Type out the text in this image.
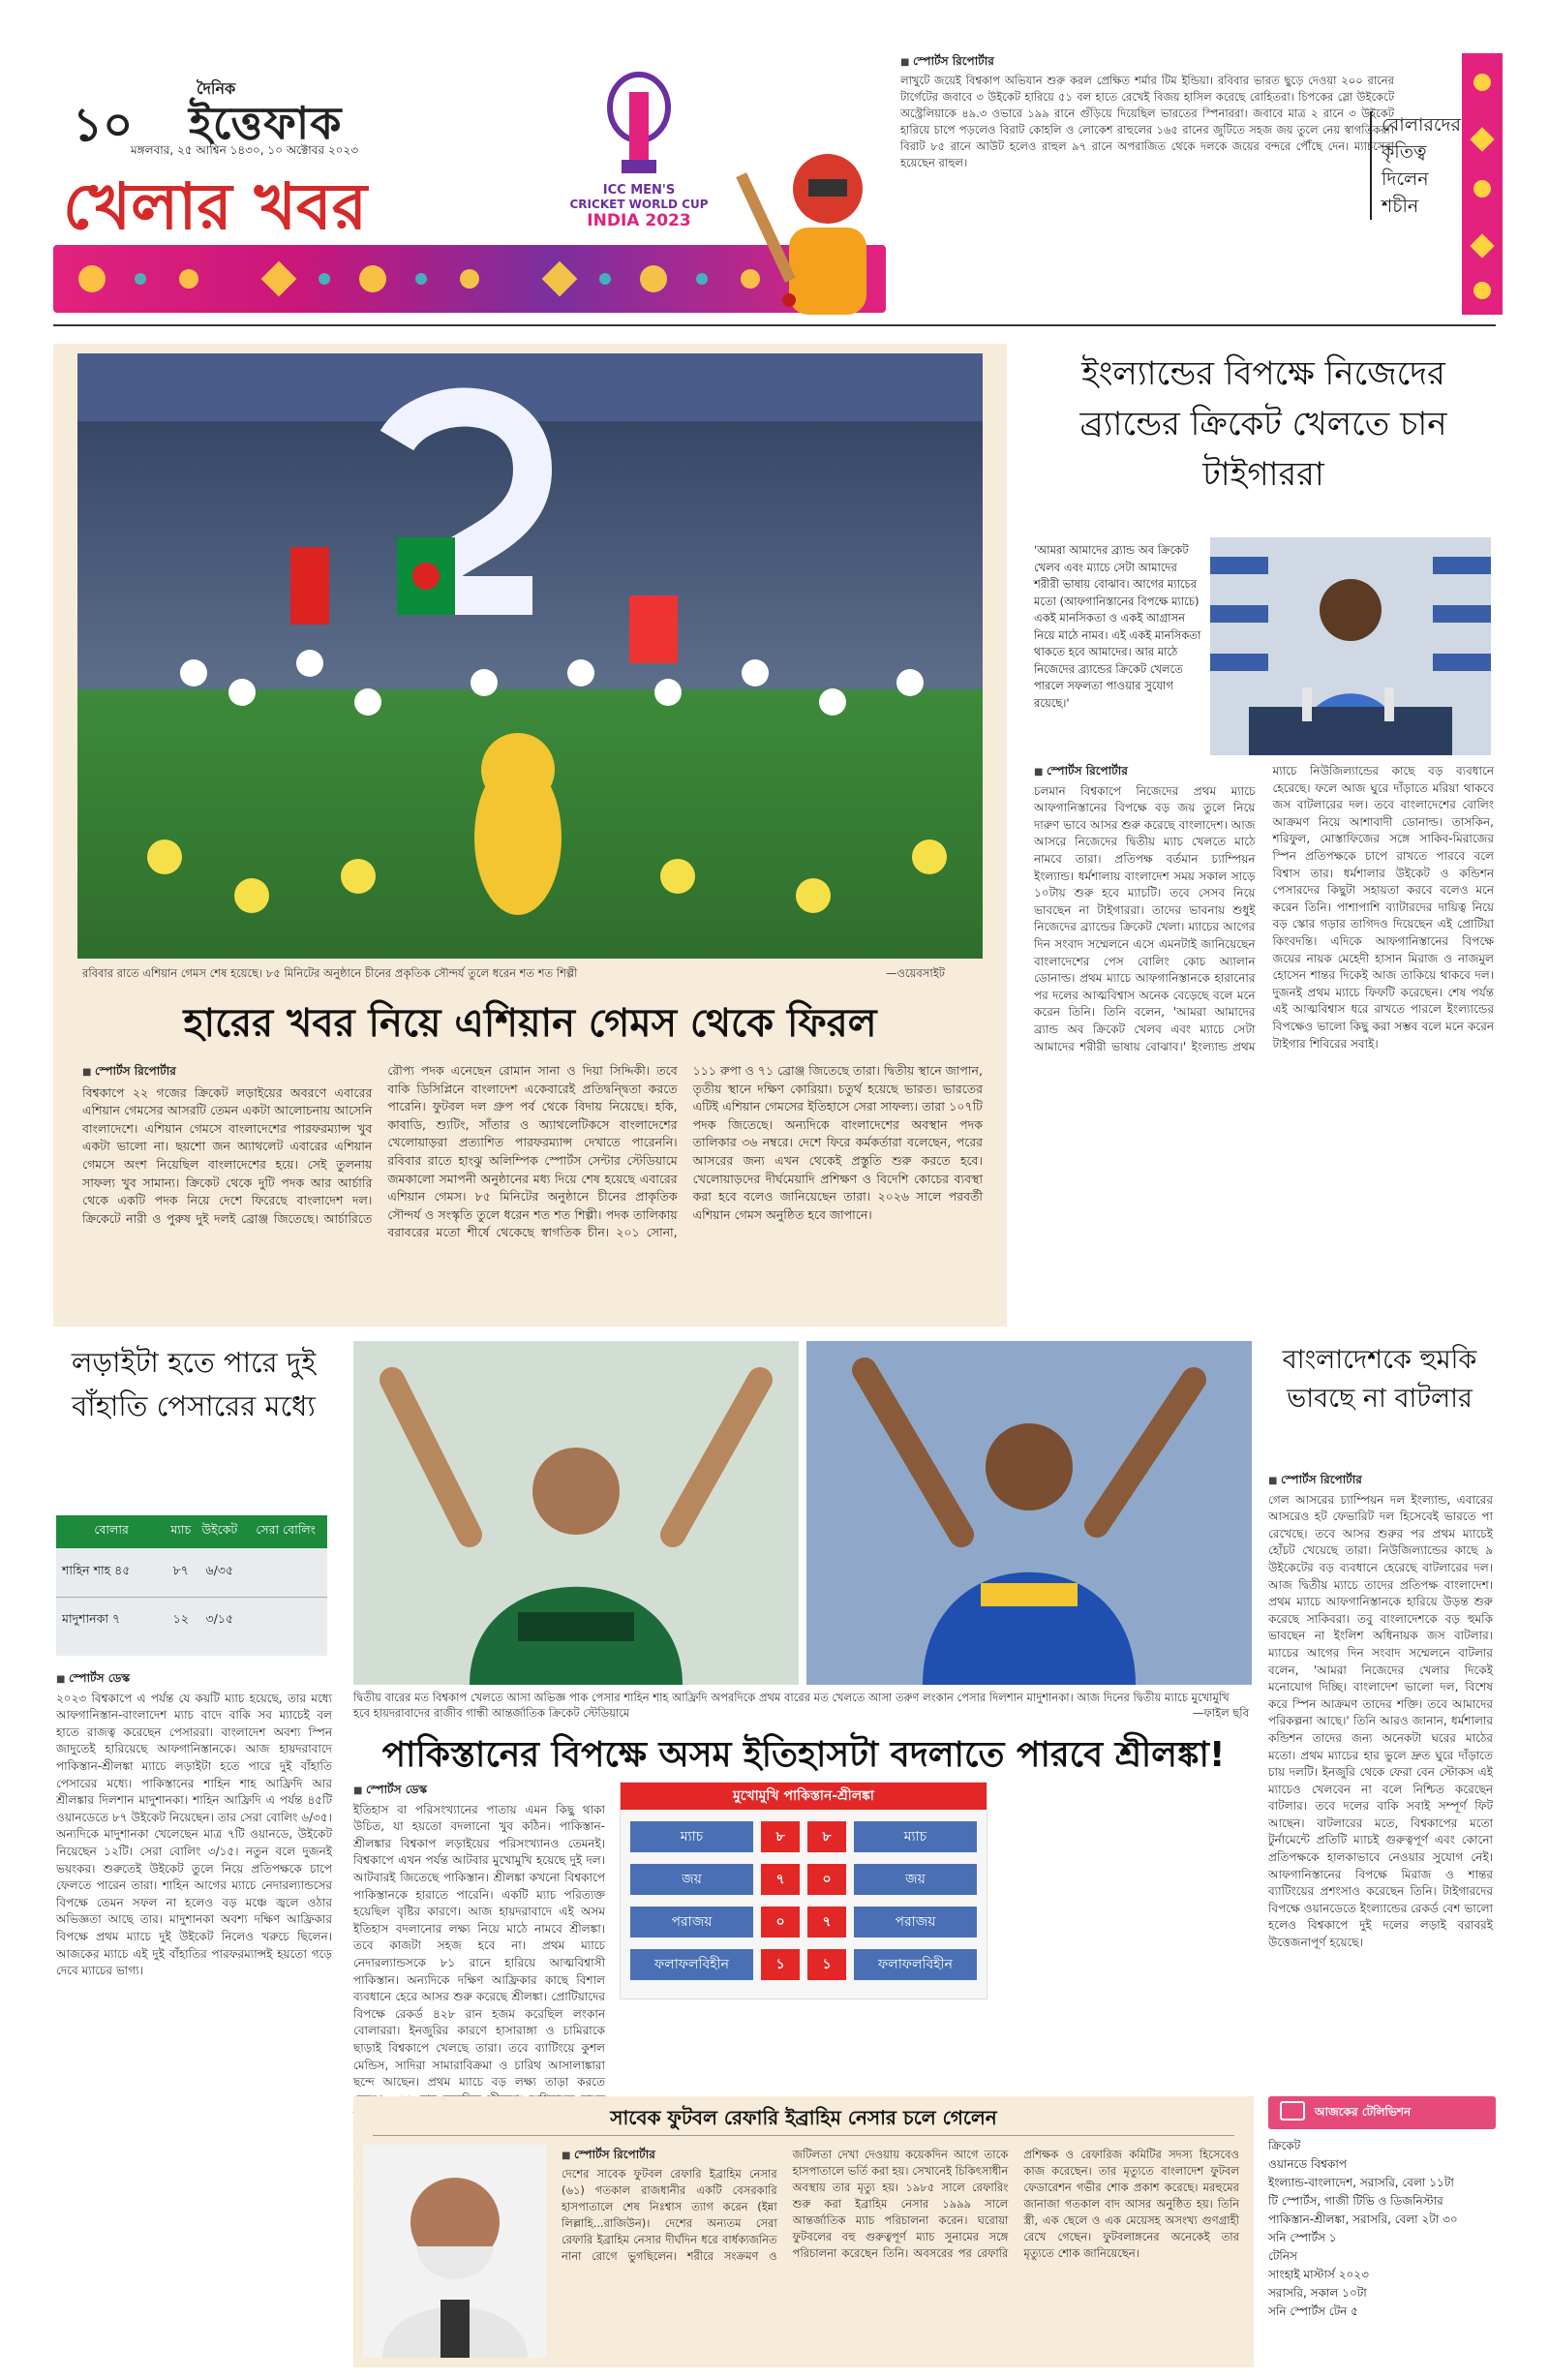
১০
দৈনিক
ইত্তেফাক
মঙ্গলবার, ২৫ আশ্বিন ১৪৩০, ১০ অক্টোবর ২০২৩
খেলার খবর	ICC MEN'S
CRICKET WORLD CUP
INDIA 2023
■ স্পোর্টস রিপোর্টার
লাখুটে জয়েই বিশ্বকাপ অভিযান শুরু করল প্রেক্ষিত শর্মার টিম ইন্ডিয়া। রবিবার ভারত ছুড়ে দেওয়া ২০০ রানের টার্গেটের জবাবে ৩ উইকেট হারিয়ে ৫১ বল হাতে রেখেই বিজয় হাসিল করেছে রোহিতরা। চিপকের স্লো উইকেটে অস্ট্রেলিয়াকে ৪৯.৩ ওভারে ১৯৯ রানে গুঁড়িয়ে দিয়েছিল ভারতের স্পিনাররা। জবাবে মাত্র ২ রানে ৩ উইকেট হারিয়ে চাপে পড়লেও বিরাট কোহলি ও লোকেশ রাহুলের ১৬৫ রানের জুটিতে সহজ জয় তুলে নেয় স্বাগতিকরা। বিরাট ৮৫ রানে আউট হলেও রাহুল ৯৭ রানে অপরাজিত থেকে দলকে জয়ের বন্দরে পৌঁছে দেন। ম্যাচসেরা হয়েছেন রাহুল।
বোলারদের কৃতিত্ব দিলেন শচীন
রবিবার রাতে এশিয়ান গেমস শেষ হয়েছে। ৮৫ মিনিটের অনুষ্ঠানে চীনের প্রকৃতিক সৌন্দর্য তুলে ধরেন শত শত শিল্পী	—ওয়েবসাইট
হারের খবর নিয়ে এশিয়ান গেমস থেকে ফিরল
■ স্পোর্টস রিপোর্টার
বিশ্বকাপে ২২ গজের ক্রিকেট লড়াইয়ের অবরণে এবারের এশিয়ান গেমসের আসরটি তেমন একটা আলোচনায় আসেনি বাংলাদেশে। এশিয়ান গেমসে বাংলাদেশের পারফরম্যান্স খুব একটা ভালো না। ছয়শো জন অ্যাথলেট এবারের এশিয়ান গেমসে অংশ নিয়েছিল বাংলাদেশের হয়ে। সেই তুলনায় সাফল্য খুব সামান্য। ক্রিকেট থেকে দুটি পদক আর আর্চারি থেকে একটি পদক নিয়ে দেশে ফিরেছে বাংলাদেশ দল। ক্রিকেটে নারী ও পুরুষ দুই দলই ব্রোঞ্জ জিতেছে। আর্চারিতে রৌপ্য পদক এনেছেন রোমান সানা ও দিয়া সিদ্দিকী। তবে বাকি ডিসিপ্লিনে বাংলাদেশ একেবারেই প্রতিদ্বন্দ্বিতা করতে পারেনি। ফুটবল দল গ্রুপ পর্ব থেকে বিদায় নিয়েছে। হকি, কাবাডি, শ্যুটিং, সাঁতার ও অ্যাথলেটিকসে বাংলাদেশের খেলোয়াড়রা প্রত্যাশিত পারফরম্যান্স দেখাতে পারেননি। রবিবার রাতে হাংঝু অলিম্পিক স্পোর্টস সেন্টার স্টেডিয়ামে জমকালো সমাপনী অনুষ্ঠানের মধ্য দিয়ে শেষ হয়েছে এবারের এশিয়ান গেমস। ৮৫ মিনিটের অনুষ্ঠানে চীনের প্রাকৃতিক সৌন্দর্য ও সংস্কৃতি তুলে ধরেন শত শত শিল্পী। পদক তালিকায় বরাবরের মতো শীর্ষে থেকেছে স্বাগতিক চীন। ২০১ সোনা, ১১১ রুপা ও ৭১ ব্রোঞ্জ জিতেছে তারা। দ্বিতীয় স্থানে জাপান, তৃতীয় স্থানে দক্ষিণ কোরিয়া। চতুর্থ হয়েছে ভারত। ভারতের এটিই এশিয়ান গেমসের ইতিহাসে সেরা সাফল্য। তারা ১০৭টি পদক জিতেছে। অন্যদিকে বাংলাদেশের অবস্থান পদক তালিকার ৩৬ নম্বরে। দেশে ফিরে কর্মকর্তারা বলেছেন, পরের আসরের জন্য এখন থেকেই প্রস্তুতি শুরু করতে হবে। খেলোয়াড়দের দীর্ঘমেয়াদি প্রশিক্ষণ ও বিদেশি কোচের ব্যবস্থা করা হবে বলেও জানিয়েছেন তারা। ২০২৬ সালে পরবর্তী এশিয়ান গেমস অনুষ্ঠিত হবে জাপানে।
ইংল্যান্ডের বিপক্ষে নিজেদের ব্র্যান্ডের ক্রিকেট খেলতে চান টাইগাররা
'আমরা আমাদের ব্র্যান্ড অব ক্রিকেট খেলব এবং ম্যাচে সেটা আমাদের শরীরী ভাষায় বোঝাব। আগের ম্যাচের মতো (আফগানিস্তানের বিপক্ষে ম্যাচে) একই মানসিকতা ও একই আগ্রাসন নিয়ে মাঠে নামব। এই একই মানসিকতা থাকতে হবে আমাদের। আর মাঠে নিজেদের ব্র্যান্ডের ক্রিকেট খেলতে পারলে সফলতা পাওয়ার সুযোগ রয়েছে।'
■ স্পোর্টস রিপোর্টার
চলমান বিশ্বকাপে নিজেদের প্রথম ম্যাচে আফগানিস্তানের বিপক্ষে বড় জয় তুলে নিয়ে দারুণ ভাবে আসর শুরু করেছে বাংলাদেশ। আজ আসরে নিজেদের দ্বিতীয় ম্যাচ খেলতে মাঠে নামবে তারা। প্রতিপক্ষ বর্তমান চ্যাম্পিয়ন ইংল্যান্ড। ধর্মশালায় বাংলাদেশ সময় সকাল সাড়ে ১০টায় শুরু হবে ম্যাচটি। তবে সেসব নিয়ে ভাবছেন না টাইগাররা। তাদের ভাবনায় শুধুই নিজেদের ব্র্যান্ডের ক্রিকেট খেলা। ম্যাচের আগের দিন সংবাদ সম্মেলনে এসে এমনটাই জানিয়েছেন বাংলাদেশের পেস বোলিং কোচ অ্যালান ডোনাল্ড। প্রথম ম্যাচে আফগানিস্তানকে হারানোর পর দলের আত্মবিশ্বাস অনেক বেড়েছে বলে মনে করেন তিনি। তিনি বলেন, 'আমরা আমাদের ব্র্যান্ড অব ক্রিকেট খেলব এবং ম্যাচে সেটা আমাদের শরীরী ভাষায় বোঝাব।' ইংল্যান্ড প্রথম ম্যাচে নিউজিল্যান্ডের কাছে বড় ব্যবধানে হেরেছে। ফলে আজ ঘুরে দাঁড়াতে মরিয়া থাকবে জস বাটলারের দল। তবে বাংলাদেশের বোলিং আক্রমণ নিয়ে আশাবাদী ডোনাল্ড। তাসকিন, শরিফুল, মোস্তাফিজের সঙ্গে সাকিব-মিরাজের স্পিন প্রতিপক্ষকে চাপে রাখতে পারবে বলে বিশ্বাস তার। ধর্মশালার উইকেট ও কন্ডিশন পেসারদের কিছুটা সহায়তা করবে বলেও মনে করেন তিনি। পাশাপাশি ব্যাটারদের দায়িত্ব নিয়ে বড় স্কোর গড়ার তাগিদও দিয়েছেন এই প্রোটিয়া কিংবদন্তি। এদিকে আফগানিস্তানের বিপক্ষে জয়ের নায়ক মেহেদী হাসান মিরাজ ও নাজমুল হোসেন শান্তর দিকেই আজ তাকিয়ে থাকবে দল। দুজনই প্রথম ম্যাচে ফিফটি করেছেন। শেষ পর্যন্ত এই আত্মবিশ্বাস ধরে রাখতে পারলে ইংল্যান্ডের বিপক্ষেও ভালো কিছু করা সম্ভব বলে মনে করেন টাইগার শিবিরের সবাই।
লড়াইটা হতে পারে দুই বাঁহাতি পেসারের মধ্যে
বোলার	ম্যাচ	উইকেট	সেরা বোলিং
শাহিন শাহ ৪৫	৮৭	৬/৩৫	
মাদুশানকা ৭	১২	৩/১৫	
■ স্পোর্টস ডেস্ক
২০২৩ বিশ্বকাপে এ পর্যন্ত যে কয়টি ম্যাচ হয়েছে, তার মধ্যে আফগানিস্তান-বাংলাদেশ ম্যাচ বাদে বাকি সব ম্যাচেই বল হাতে রাজত্ব করেছেন পেসাররা। বাংলাদেশ অবশ্য স্পিন জাদুতেই হারিয়েছে আফগানিস্তানকে। আজ হায়দরাবাদে পাকিস্তান-শ্রীলঙ্কা ম্যাচে লড়াইটা হতে পারে দুই বাঁহাতি পেসারের মধ্যে। পাকিস্তানের শাহিন শাহ আফ্রিদি আর শ্রীলঙ্কার দিলশান মাদুশানকা। শাহিন আফ্রিদি এ পর্যন্ত ৪৫টি ওয়ানডেতে ৮৭ উইকেট নিয়েছেন। তার সেরা বোলিং ৬/৩৫। অন্যদিকে মাদুশানকা খেলেছেন মাত্র ৭টি ওয়ানডে, উইকেট নিয়েছেন ১২টি। সেরা বোলিং ৩/১৫। নতুন বলে দুজনই ভয়ংকর। শুরুতেই উইকেট তুলে নিয়ে প্রতিপক্ষকে চাপে ফেলতে পারেন তারা। শাহিন আগের ম্যাচে নেদারল্যান্ডসের বিপক্ষে তেমন সফল না হলেও বড় মঞ্চে জ্বলে ওঠার অভিজ্ঞতা আছে তার। মাদুশানকা অবশ্য দক্ষিণ আফ্রিকার বিপক্ষে প্রথম ম্যাচে দুই উইকেট নিলেও খরুচে ছিলেন। আজকের ম্যাচে এই দুই বাঁহাতির পারফরম্যান্সই হয়তো গড়ে দেবে ম্যাচের ভাগ্য।
দ্বিতীয় বারের মত বিশ্বকাপ খেলতে আসা অভিজ্ঞ পাক পেসার শাহিন শাহ আফ্রিদি অপরদিকে প্রথম বারের মত খেলতে আসা তরুণ লংকান পেসার দিলশান মাদুশানকা। আজ দিনের দ্বিতীয় ম্যাচে মুখোমুখি হবে হায়দরাবাদের রাজীব গান্ধী আন্তর্জাতিক ক্রিকেট স্টেডিয়ামে	—ফাইল ছবি
বাংলাদেশকে হুমকি ভাবছে না বাটলার
■ স্পোর্টস রিপোর্টার
গেল আসরের চ্যাম্পিয়ন দল ইংল্যান্ড, এবারের আসরেও হট ফেভারিট দল হিসেবেই ভারতে পা রেখেছে। তবে আসর শুরুর পর প্রথম ম্যাচেই হোঁচট খেয়েছে তারা। নিউজিল্যান্ডের কাছে ৯ উইকেটের বড় ব্যবধানে হেরেছে বাটলারের দল। আজ দ্বিতীয় ম্যাচে তাদের প্রতিপক্ষ বাংলাদেশ। প্রথম ম্যাচে আফগানিস্তানকে হারিয়ে উড়ন্ত শুরু করেছে সাকিবরা। তবু বাংলাদেশকে বড় হুমকি ভাবছেন না ইংলিশ অধিনায়ক জস বাটলার। ম্যাচের আগের দিন সংবাদ সম্মেলনে বাটলার বলেন, 'আমরা নিজেদের খেলার দিকেই মনোযোগ দিচ্ছি। বাংলাদেশ ভালো দল, বিশেষ করে স্পিন আক্রমণ তাদের শক্তি। তবে আমাদের পরিকল্পনা আছে।' তিনি আরও জানান, ধর্মশালার কন্ডিশন তাদের জন্য অনেকটা ঘরের মাঠের মতো। প্রথম ম্যাচের হার ভুলে দ্রুত ঘুরে দাঁড়াতে চায় দলটি। ইনজুরি থেকে ফেরা বেন স্টোকস এই ম্যাচেও খেলবেন না বলে নিশ্চিত করেছেন বাটলার। তবে দলের বাকি সবাই সম্পূর্ণ ফিট আছেন। বাটলারের মতে, বিশ্বকাপের মতো টুর্নামেন্টে প্রতিটি ম্যাচই গুরুত্বপূর্ণ এবং কোনো প্রতিপক্ষকে হালকাভাবে নেওয়ার সুযোগ নেই। আফগানিস্তানের বিপক্ষে মিরাজ ও শান্তর ব্যাটিংয়ের প্রশংসাও করেছেন তিনি। টাইগারদের বিপক্ষে ওয়ানডেতে ইংল্যান্ডের রেকর্ড বেশ ভালো হলেও বিশ্বকাপে দুই দলের লড়াই বরাবরই উত্তেজনাপূর্ণ হয়েছে।
পাকিস্তানের বিপক্ষে অসম ইতিহাসটা বদলাতে পারবে শ্রীলঙ্কা!
■ স্পোর্টস ডেস্ক
ইতিহাস বা পরিসংখ্যানের পাতায় এমন কিছু থাকা উচিত, যা হয়তো বদলানো খুব কঠিন। পাকিস্তান-শ্রীলঙ্কার বিশ্বকাপ লড়াইয়ের পরিসংখ্যানও তেমনই। বিশ্বকাপে এখন পর্যন্ত আটবার মুখোমুখি হয়েছে দুই দল। আটবারই জিতেছে পাকিস্তান। শ্রীলঙ্কা কখনো বিশ্বকাপে পাকিস্তানকে হারাতে পারেনি। একটি ম্যাচ পরিত্যক্ত হয়েছিল বৃষ্টির কারণে। আজ হায়দরাবাদে এই অসম ইতিহাস বদলানোর লক্ষ্য নিয়ে মাঠে নামবে শ্রীলঙ্কা। তবে কাজটা সহজ হবে না। প্রথম ম্যাচে নেদারল্যান্ডসকে ৮১ রানে হারিয়ে আত্মবিশ্বাসী পাকিস্তান। অন্যদিকে দক্ষিণ আফ্রিকার কাছে বিশাল ব্যবধানে হেরে আসর শুরু করেছে শ্রীলঙ্কা। প্রোটিয়াদের বিপক্ষে রেকর্ড ৪২৮ রান হজম করেছিল লংকান বোলাররা। ইনজুরির কারণে হাসারাঙ্গা ও চামিরাকে ছাড়াই বিশ্বকাপে খেলছে তারা। তবে ব্যাটিংয়ে কুশল মেন্ডিস, সাদিরা সামারাবিক্রমা ও চারিথ আসালাঙ্কারা ছন্দে আছেন। প্রথম ম্যাচে বড় লক্ষ্য তাড়া করতে
মুখোমুখি পাকিস্তান-শ্রীলঙ্কা
ম্যাচ	৮	৮	ম্যাচ
জয়	৭	০	জয়
পরাজয়	০	৭	পরাজয়
ফলাফলবিহীন	১	১	ফলাফলবিহীন
সাবেক ফুটবল রেফারি ইব্রাহিম নেসার চলে গেলেন
■ স্পোর্টস রিপোর্টার
দেশের সাবেক ফুটবল রেফারি ইব্রাহিম নেসার (৬১) গতকাল রাজধানীর একটি বেসরকারি হাসপাতালে শেষ নিঃশ্বাস ত্যাগ করেন (ইন্না লিল্লাহি...রাজিউন)। দেশের অন্যতম সেরা রেফারি ইব্রাহিম নেসার দীর্ঘদিন ধরে বার্ধক্যজনিত নানা রোগে ভুগছিলেন। শরীরে সংক্রমণ ও জটিলতা দেখা দেওয়ায় কয়েকদিন আগে তাকে হাসপাতালে ভর্তি করা হয়। সেখানেই চিকিৎসাধীন অবস্থায় তার মৃত্যু হয়। ১৯৮৫ সালে রেফারিং শুরু করা ইব্রাহিম নেসার ১৯৯৯ সালে আন্তর্জাতিক ম্যাচ পরিচালনা করেন। ঘরোয়া ফুটবলের বহু গুরুত্বপূর্ণ ম্যাচ সুনামের সঙ্গে পরিচালনা করেছেন তিনি। অবসরের পর রেফারি প্রশিক্ষক ও রেফারিজ কমিটির সদস্য হিসেবেও কাজ করেছেন। তার মৃত্যুতে বাংলাদেশ ফুটবল ফেডারেশন গভীর শোক প্রকাশ করেছে। মরহুমের জানাজা গতকাল বাদ আসর অনুষ্ঠিত হয়। তিনি স্ত্রী, এক ছেলে ও এক মেয়েসহ অসংখ্য গুণগ্রাহী রেখে গেছেন। ফুটবলাঙ্গনের অনেকেই তার মৃত্যুতে শোক জানিয়েছেন।
আজকের টেলিভিশন
ক্রিকেট
ওয়ানডে বিশ্বকাপ
ইংল্যান্ড-বাংলাদেশ, সরাসরি, বেলা ১১টা
টি স্পোর্টস, গাজী টিভি ও ডিজনিস্টার
পাকিস্তান-শ্রীলঙ্কা, সরাসরি, বেলা ২টা ৩০
সনি স্পোর্টস ১
টেনিস
সাংহাই মাস্টার্স ২০২৩
সরাসরি, সকাল ১০টা
সনি স্পোর্টস টেন ৫
